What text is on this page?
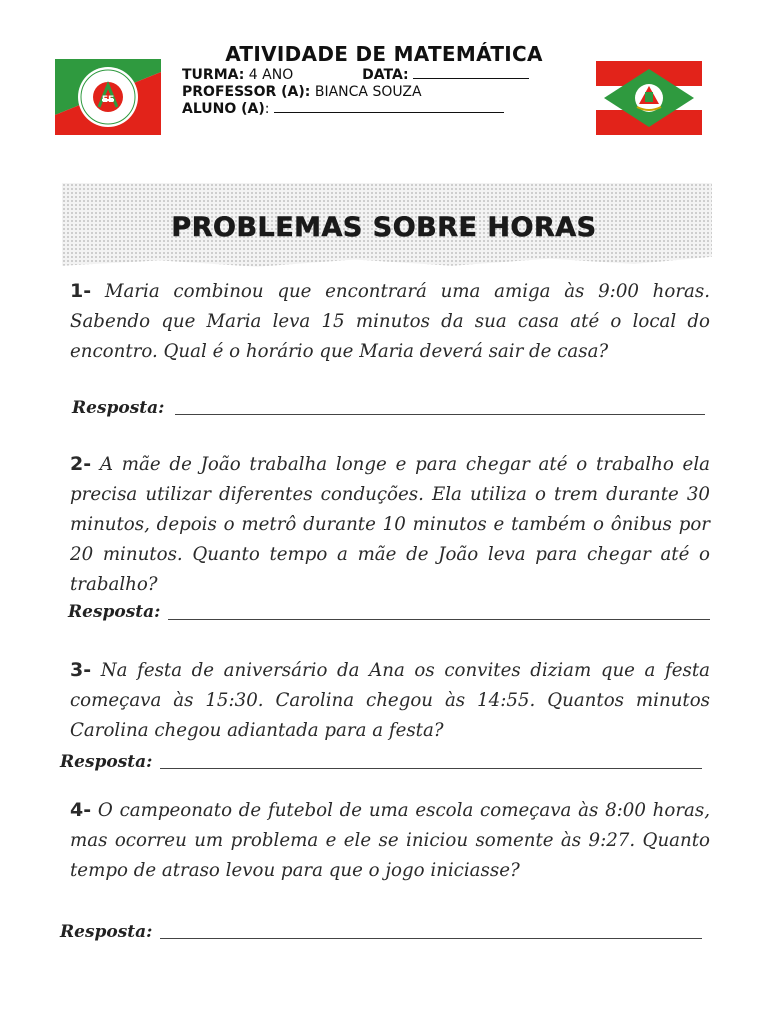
EE
ATIVIDADE DE MATEMÁTICA
TURMA: 4 ANO	DATA:
PROFESSOR (A): BIANCA SOUZA
ALUNO (A):
PROBLEMAS SOBRE HORAS
1- Maria combinou que encontrará uma amiga às 9:00 horas. Sabendo que Maria leva 15 minutos da sua casa até o local do encontro. Qual é o horário que Maria deverá sair de casa?
Resposta:
2- A mãe de João trabalha longe e para chegar até o trabalho ela precisa utilizar diferentes conduções. Ela utiliza o trem durante 30 minutos, depois o metrô durante 10 minutos e também o ônibus por 20 minutos. Quanto tempo a mãe de João leva para chegar até o trabalho?
Resposta:
3- Na festa de aniversário da Ana os convites diziam que a festa começava às 15:30. Carolina chegou às 14:55. Quantos minutos Carolina chegou adiantada para a festa?
Resposta:
4- O campeonato de futebol de uma escola começava às 8:00 horas, mas ocorreu um problema e ele se iniciou somente às 9:27. Quanto tempo de atraso levou para que o jogo iniciasse?
Resposta:
